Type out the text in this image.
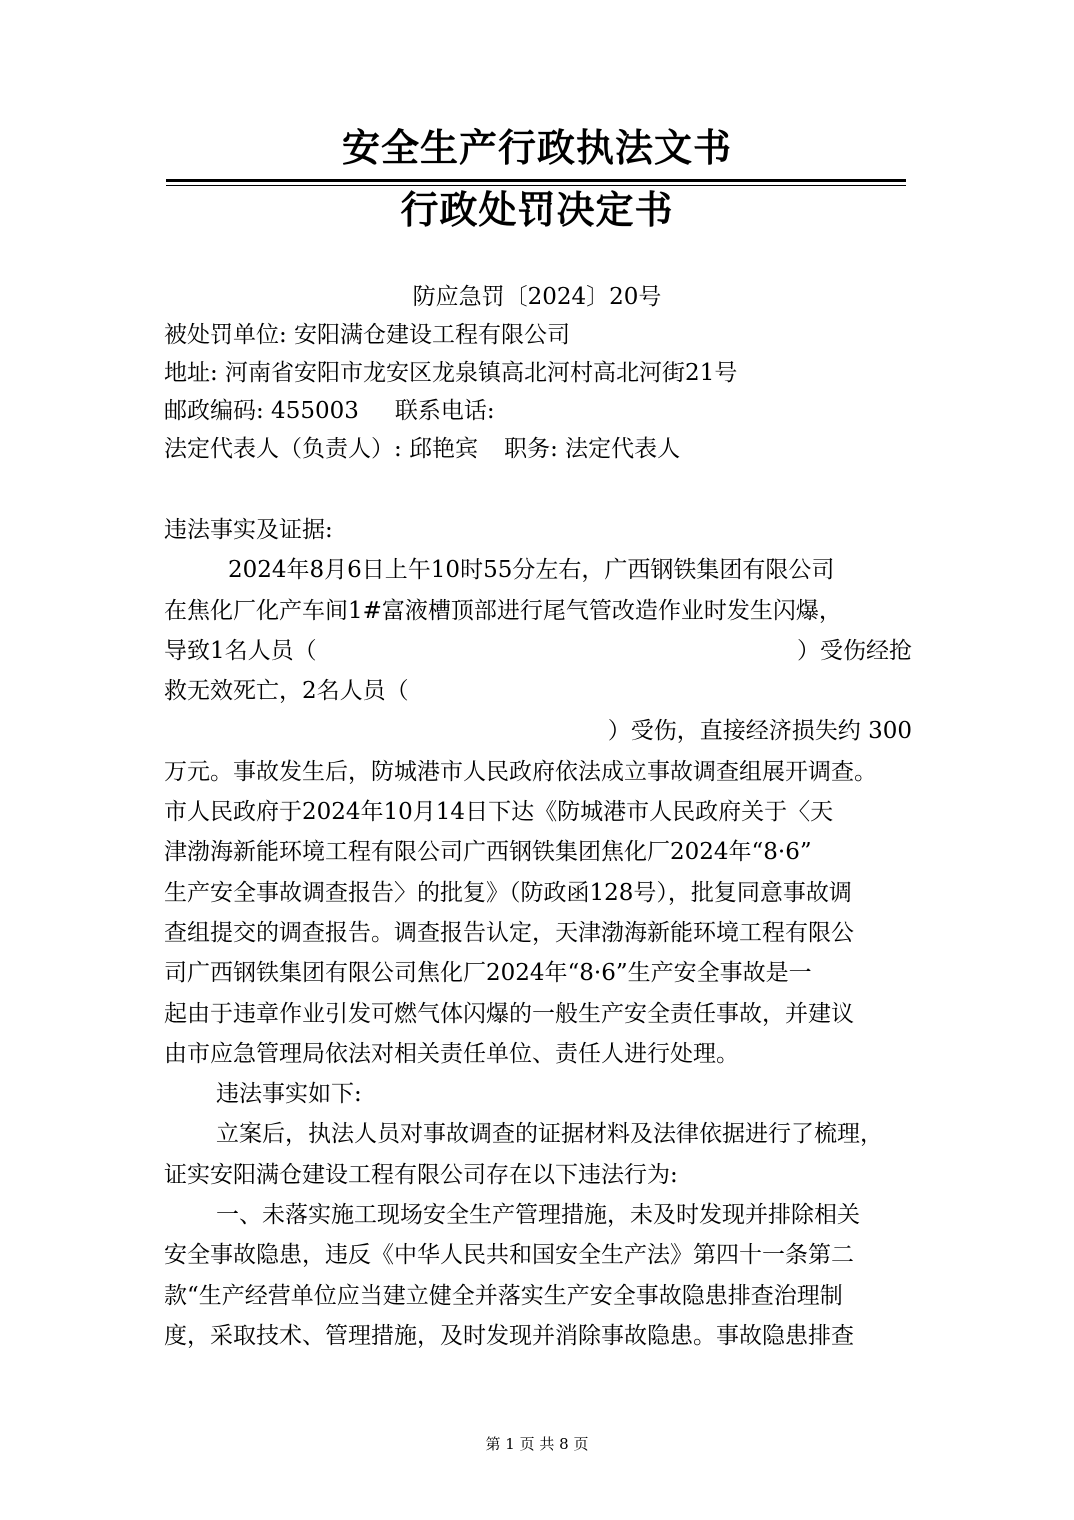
安全生产行政执法文书
行政处罚决定书
防应急罚〔2024〕20号
被处罚单位: 安阳满仓建设工程有限公司
地址: 河南省安阳市龙安区龙泉镇高北河村高北河街21号
邮政编码: 455003 联系电话:
法定代表人（负责人）: 邱艳宾 职务: 法定代表人
违法事实及证据:
2024年8月6日上午10时55分左右，广西钢铁集团有限公司
在焦化厂化产车间1#富液槽顶部进行尾气管改造作业时发生闪爆，
导致1名人员（	）受伤经抢
救无效死亡，2名人员（
）受伤，直接经济损失约 300
万元。事故发生后，防城港市人民政府依法成立事故调查组展开调查。
市人民政府于2024年10月14日下达《防城港市人民政府关于〈天
津渤海新能环境工程有限公司广西钢铁集团焦化厂2024年“8·6”
生产安全事故调查报告〉的批复》（防政函128号），批复同意事故调
查组提交的调查报告。调查报告认定，天津渤海新能环境工程有限公
司广西钢铁集团有限公司焦化厂2024年“8·6”生产安全事故是一
起由于违章作业引发可燃气体闪爆的一般生产安全责任事故，并建议
由市应急管理局依法对相关责任单位、责任人进行处理。
违法事实如下:
立案后，执法人员对事故调查的证据材料及法律依据进行了梳理，
证实安阳满仓建设工程有限公司存在以下违法行为:
一、未落实施工现场安全生产管理措施，未及时发现并排除相关
安全事故隐患，违反《中华人民共和国安全生产法》第四十一条第二
款“生产经营单位应当建立健全并落实生产安全事故隐患排查治理制
度，采取技术、管理措施，及时发现并消除事故隐患。事故隐患排查
第 1 页 共 8 页
